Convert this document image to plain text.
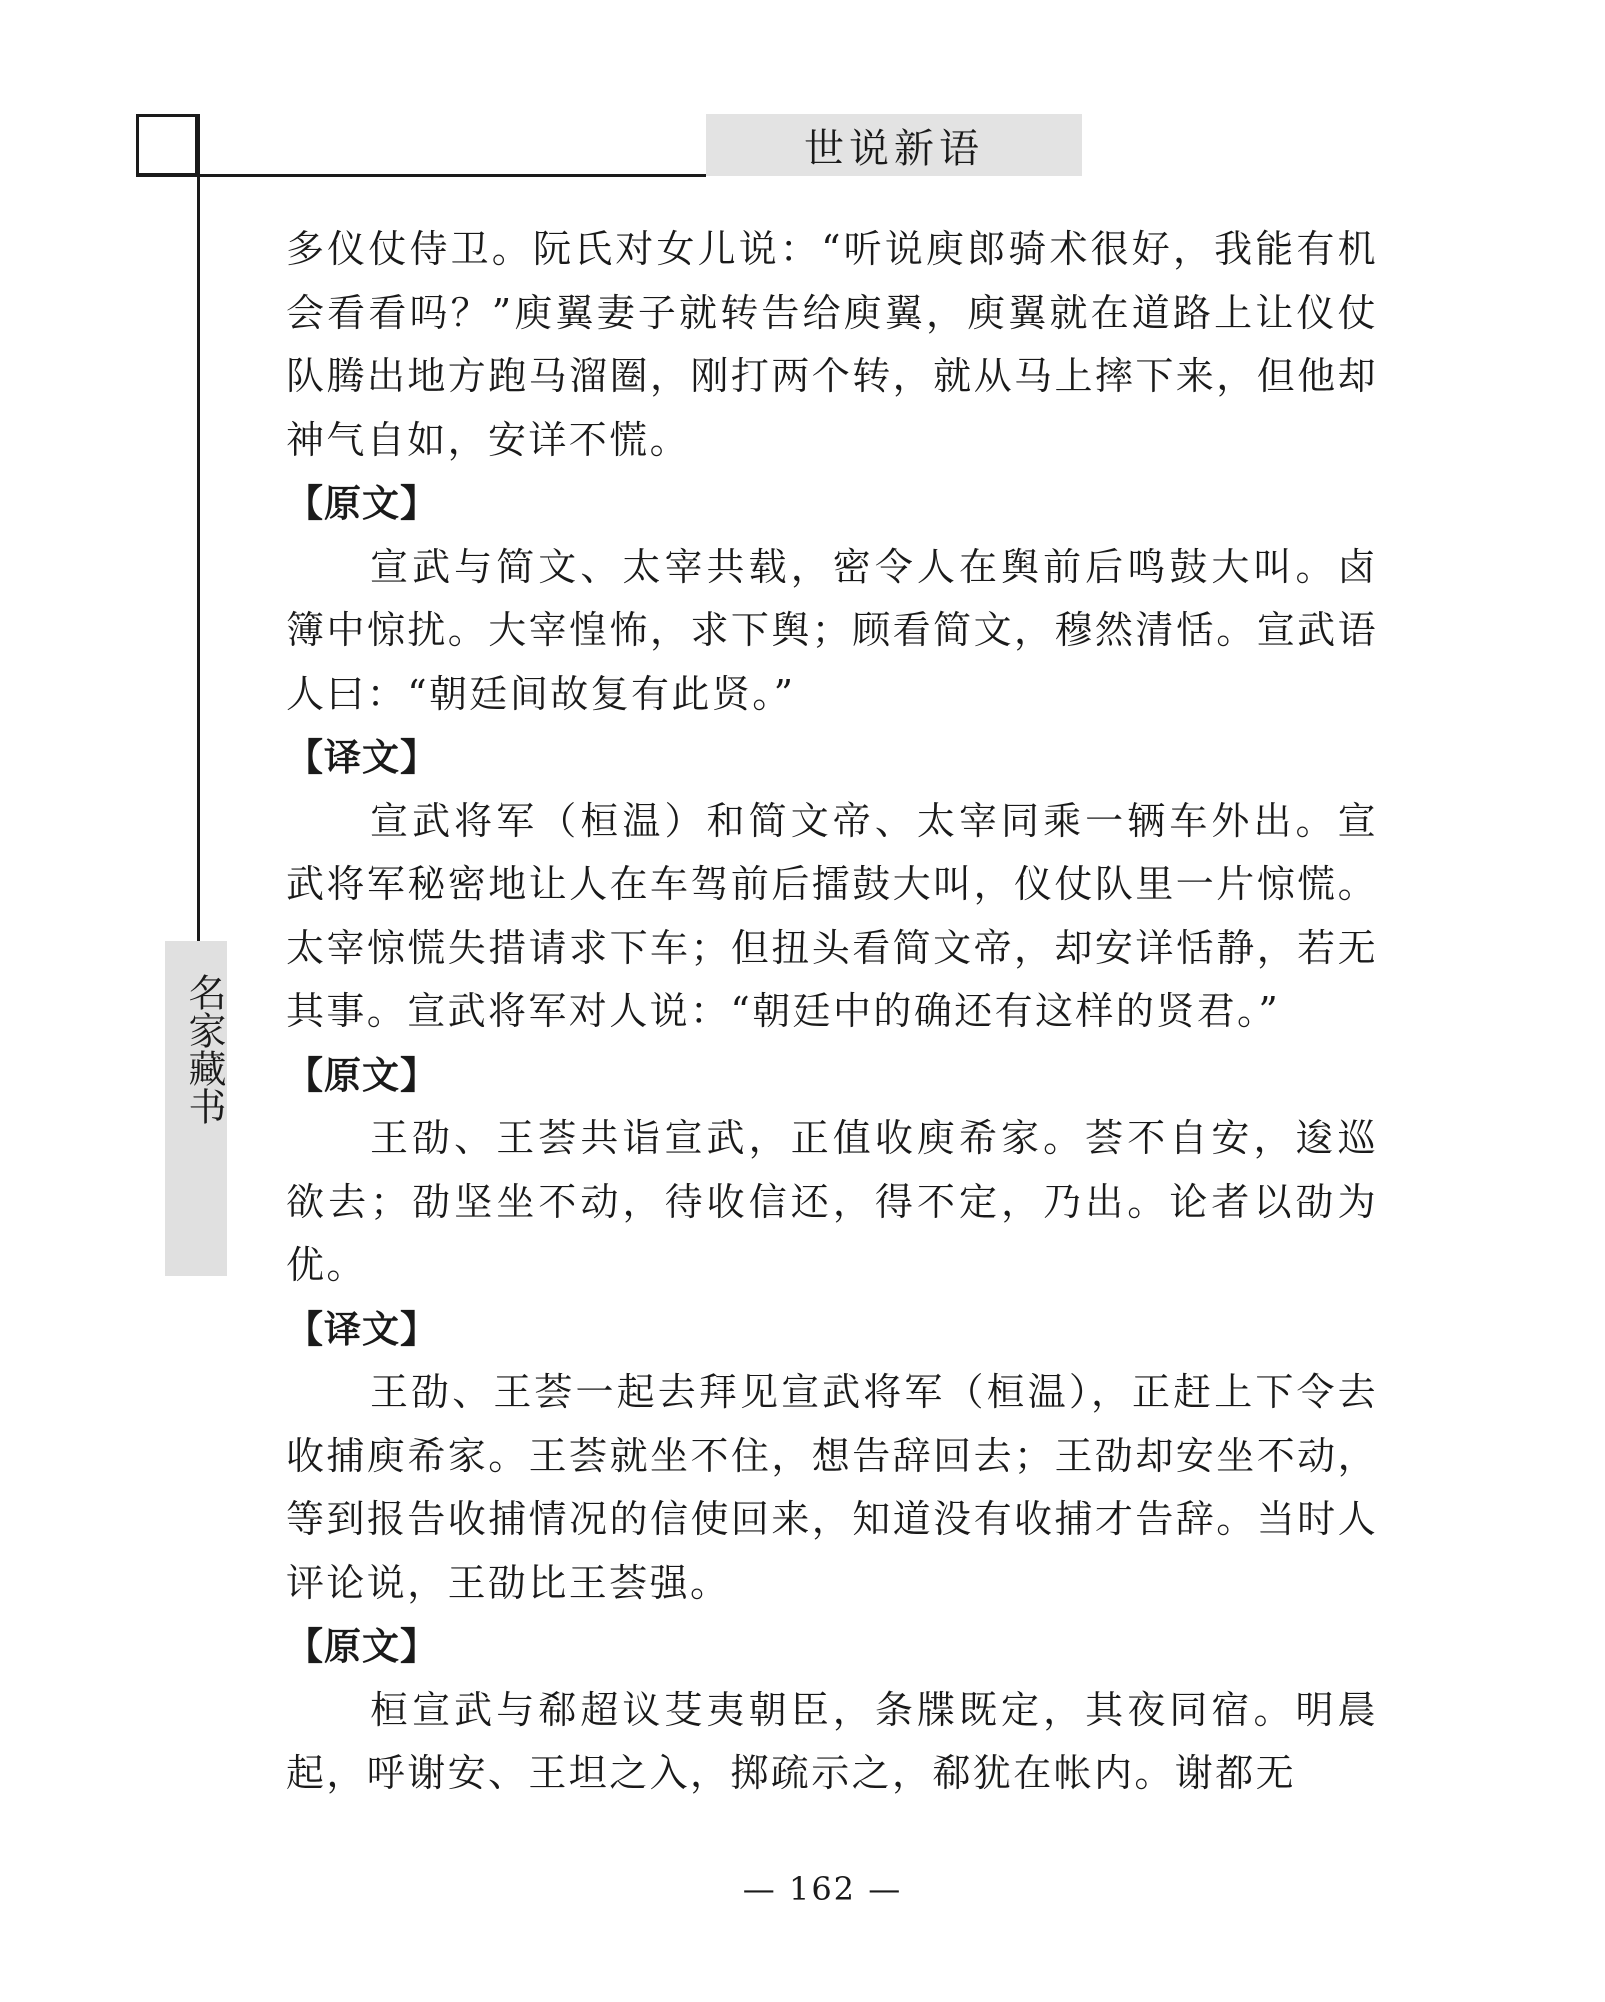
世说新语
名家藏书

多仪仗侍卫。阮氏对女儿说：“听说庾郎骑术很好，我能有机会看看吗？”庾翼妻子就转告给庾翼，庾翼就在道路上让仪仗队腾出地方跑马溜圈，刚打两个转，就从马上摔下来，但他却神气自如，安详不慌。

【原文】

宣武与简文、太宰共载，密令人在舆前后鸣鼓大叫。卤簿中惊扰。大宰惶怖，求下舆；顾看简文，穆然清恬。宣武语人曰：“朝廷间故复有此贤。”

【译文】

宣武将军（桓温）和简文帝、太宰同乘一辆车外出。宣武将军秘密地让人在车驾前后擂鼓大叫，仪仗队里一片惊慌。太宰惊慌失措请求下车；但扭头看简文帝，却安详恬静，若无其事。宣武将军对人说：“朝廷中的确还有这样的贤君。”

【原文】

王劭、王荟共诣宣武，正值收庾希家。荟不自安，逡巡欲去；劭坚坐不动，待收信还，得不定，乃出。论者以劭为优。

【译文】

王劭、王荟一起去拜见宣武将军（桓温），正赶上下令去收捕庾希家。王荟就坐不住，想告辞回去；王劭却安坐不动，等到报告收捕情况的信使回来，知道没有收捕才告辞。当时人评论说，王劭比王荟强。

【原文】

桓宣武与郗超议芟夷朝臣，条牒既定，其夜同宿。明晨起，呼谢安、王坦之入，掷疏示之，郗犹在帐内。谢都无

— 162 —
